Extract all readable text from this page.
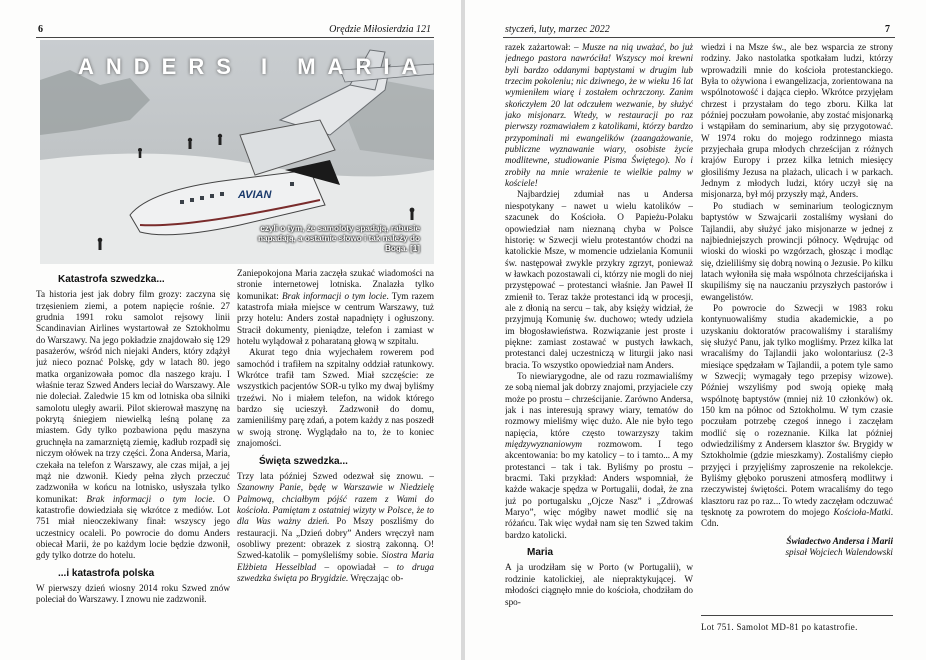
6	Orędzie Miłosierdzia 121
AVIAN
ANDERS I MARIA
czyli o tym, że samoloty spadają, rabusie napadają, a ostatnie słowo i tak należy do Boga. [1]
Katastrofa szwedzka...

Ta historia jest jak dobry film grozy: zaczyna się trzęsieniem ziemi, a potem napięcie rośnie. 27 grudnia 1991 roku samolot rejsowy linii Scandinavian Airlines wystartował ze Sztokholmu do Warszawy. Na jego pokładzie znajdowało się 129 pasażerów, wśród nich niejaki Anders, który zdążył już nieco poznać Polskę, gdy w latach 80. jego matka organizowała pomoc dla naszego kraju. I właśnie teraz Szwed Anders leciał do Warszawy. Ale nie doleciał. Zaledwie 15 km od lotniska oba silniki samolotu uległy awarii. Pilot skierował maszynę na pokrytą śniegiem niewielką leśną polanę za miastem. Gdy tylko pozbawiona pędu maszyna gruchnęła na zamarzniętą ziemię, kadłub rozpadł się niczym ołówek na trzy części. Żona Andersa, Maria, czekała na telefon z Warszawy, ale czas mijał, a jej mąż nie dzwonił. Kiedy pełna złych przeczuć zadzwoniła w końcu na lotnisko, usłyszała tylko komunikat: Brak informacji o tym locie. O katastrofie dowiedziała się wkrótce z mediów. Lot 751 miał nieoczekiwany finał: wszyscy jego uczestnicy ocaleli. Po powrocie do domu Anders obiecał Marii, że po każdym locie będzie dzwonił, gdy tylko dotrze do hotelu.

...i katastrofa polska

W pierwszy dzień wiosny 2014 roku Szwed znów poleciał do Warszawy. I znowu nie zadzwonił.

Zaniepokojona Maria zaczęła szukać wiadomości na stronie internetowej lotniska. Znalazła tylko komunikat: Brak informacji o tym locie. Tym razem katastrofa miała miejsce w centrum Warszawy, tuż przy hotelu: Anders został napadnięty i ogłuszony. Stracił dokumenty, pieniądze, telefon i zamiast w hotelu wylądował z poharataną głową w szpitalu.

Akurat tego dnia wyjechałem rowerem pod samochód i trafiłem na szpitalny oddział ratunkowy. Wkrótce trafił tam Szwed. Miał szczęście: ze wszystkich pacjentów SOR-u tylko my dwaj byliśmy trzeźwi. No i miałem telefon, na widok którego bardzo się ucieszył. Zadzwonił do domu, zamieniliśmy parę zdań, a potem każdy z nas poszedł w swoją stronę. Wyglądało na to, że to koniec znajomości.

Święta szwedzka...

Trzy lata później Szwed odezwał się znowu. – Szanowny Panie, będę w Warszawie w Niedzielę Palmową, chciałbym pójść razem z Wami do kościoła. Pamiętam z ostatniej wizyty w Polsce, że to dla Was ważny dzień. Po Mszy poszliśmy do restauracji. Na „Dzień dobry” Anders wręczył nam osobliwy prezent: obrazek z siostrą zakonną. O! Szwed-katolik – pomyśleliśmy sobie. Siostra Maria Elżbieta Hesselblad – opowiadał – to druga szwedzka święta po Brygidzie. Wręczając ob-

styczeń, luty, marzec 2022	7

razek zażartował: – Musze na nią uważać, bo już jednego pastora nawróciła! Wszyscy moi krewni byli bardzo oddanymi baptystami w drugim lub trzecim pokoleniu; nic dziwnego, że w wieku 16 lat wymieniłem wiarę i zostałem ochrzczony. Zanim skończyłem 20 lat odczułem wezwanie, by służyć jako misjonarz. Wtedy, w restauracji po raz pierwszy rozmawiałem z katolikami, którzy bardzo przypominali mi ewangelików (zaangażowanie, publiczne wyznawanie wiary, osobiste życie modlitewne, studiowanie Pisma Świętego). No i zrobiły na mnie wrażenie te wielkie palmy w kościele!

Najbardziej zdumiał nas u Andersa niespotykany – nawet u wielu katolików – szacunek do Kościoła. O Papieżu-Polaku opowiedział nam nieznaną chyba w Polsce historię: w Szwecji wielu protestantów chodzi na katolickie Msze, w momencie udzielania Komunii św. następował zwykle przykry zgrzyt, ponieważ w ławkach pozostawali ci, którzy nie mogli do niej przystępować – protestanci właśnie. Jan Paweł II zmienił to. Teraz także protestanci idą w procesji, ale z dłonią na sercu – tak, aby księży widział, że przyjmują Komunię św. duchowo; wtedy udziela im błogosławieństwa. Rozwiązanie jest proste i piękne: zamiast zostawać w pustych ławkach, protestanci dalej uczestniczą w liturgii jako nasi bracia. To wszystko opowiedział nam Anders.

To niewiarygodne, ale od razu rozmawialiśmy ze sobą niemal jak dobrzy znajomi, przyjaciele czy może po prostu – chrześcijanie. Zarówno Andersa, jak i nas interesują sprawy wiary, tematów do rozmowy mieliśmy więc dużo. Ale nie było tego napięcia, które często towarzyszy takim międzywyznaniowym rozmowom. I tego akcentowania: bo my katolicy – to i tamto... A my protestanci – tak i tak. Byliśmy po prostu – bracmi. Taki przykład: Anders wspomniał, że każde wakacje spędza w Portugalii, dodał, że zna już po portugalsku „Ojcze Nasz” i „Zdrowaś Maryo”, więc mógłby nawet modlić się na różańcu. Tak więc wydał nam się ten Szwed takim bardzo katolicki.

Maria

A ja urodziłam się w Porto (w Portugalii), w rodzinie katolickiej, ale niepraktykującej. W młodości ciągnęło mnie do kościoła, chodziłam do spo-

wiedzi i na Msze św., ale bez wsparcia ze strony rodziny. Jako nastolatka spotkałam ludzi, którzy wprowadzili mnie do kościoła protestanckiego. Była to ożywiona i ewangelizacja, zorientowana na wspólnotowość i dająca ciepło. Wkrótce przyjęłam chrzest i przystałam do tego zboru. Kilka lat później poczułam powołanie, aby zostać misjonarką i wstąpiłam do seminarium, aby się przygotować. W 1974 roku do mojego rodzinnego miasta przyjechała grupa młodych chrześcijan z różnych krajów Europy i przez kilka letnich miesięcy głosiliśmy Jezusa na plażach, ulicach i w parkach. Jednym z młodych ludzi, który uczył się na misjonarza, był mój przyszły mąż, Anders.

Po studiach w seminarium teologicznym baptystów w Szwajcarii zostaliśmy wysłani do Tajlandii, aby służyć jako misjonarze w jednej z najbiedniejszych prowincji północy. Wędrując od wioski do wioski po wzgórzach, głosząc i modląc się, dzieliliśmy się dobrą nowiną o Jezusie. Po kilku latach wyłoniła się mała wspólnota chrześcijańska i skupiliśmy się na nauczaniu przyszłych pastorów i ewangelistów.

Po powrocie do Szwecji w 1983 roku kontynuowaliśmy studia akademickie, a po uzyskaniu doktoratów pracowaliśmy i staraliśmy się służyć Panu, jak tylko mogliśmy. Przez kilka lat wracaliśmy do Tajlandii jako wolontariusz (2-3 miesiące spędzałam w Tajlandii, a potem tyle samo w Szwecji; wymagały tego przepisy wizowe). Później wszyliśmy pod swoją opiekę małą wspólnotę baptystów (mniej niż 10 członków) ok. 150 km na północ od Sztokholmu. W tym czasie poczułam potrzebę czegoś innego i zaczęłam modlić się o rozeznanie. Kilka lat później odwiedziliśmy z Andersem klasztor św. Brygidy w Sztokholmie (gdzie mieszkamy). Zostaliśmy ciepło przyjęci i przyjęliśmy zaproszenie na rekolekcje. Byliśmy głęboko poruszeni atmosferą modlitwy i rzeczywistej świętości. Potem wracaliśmy do tego klasztoru raz po raz... To wtedy zaczęłam odczuwać tęsknotę za powrotem do mojego Kościoła-Matki. Cdn.

Świadectwo Andersa i Marii
spisał Wojciech Walendowski
Lot 751. Samolot MD-81 po katastrofie.
